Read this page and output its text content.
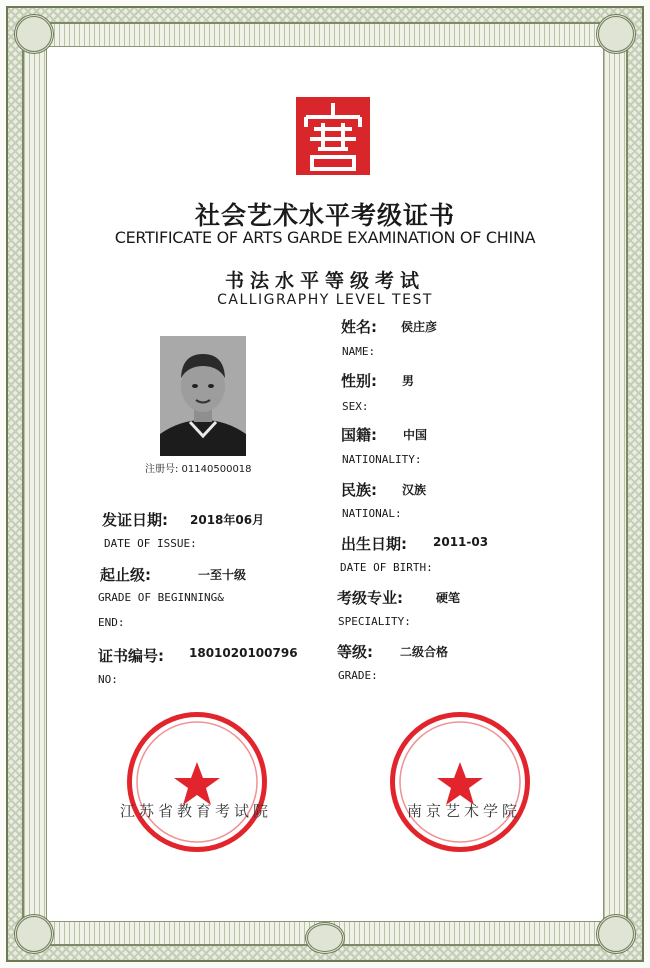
社会艺术水平考级证书
CERTIFICATE OF ARTS GARDE EXAMINATION OF CHINA
书法水平等级考试
CALLIGRAPHY LEVEL TEST
注册号: 01140500018
姓名: 侯庄彦
NAME:
性别: 男
SEX:
国籍: 中国
NATIONALITY:
民族: 汉族
NATIONAL:
出生日期: 2011-03
DATE OF BIRTH:
考级专业:	硬笔
SPECIALITY:
等级: 二级合格
GRADE:
发证日期: 2018年06月
DATE OF ISSUE:
起止级:	一至十级
GRADE OF BEGINNING&
END:
证书编号: 1801020100796
NO:
江苏省教育考试院	南京艺术学院
